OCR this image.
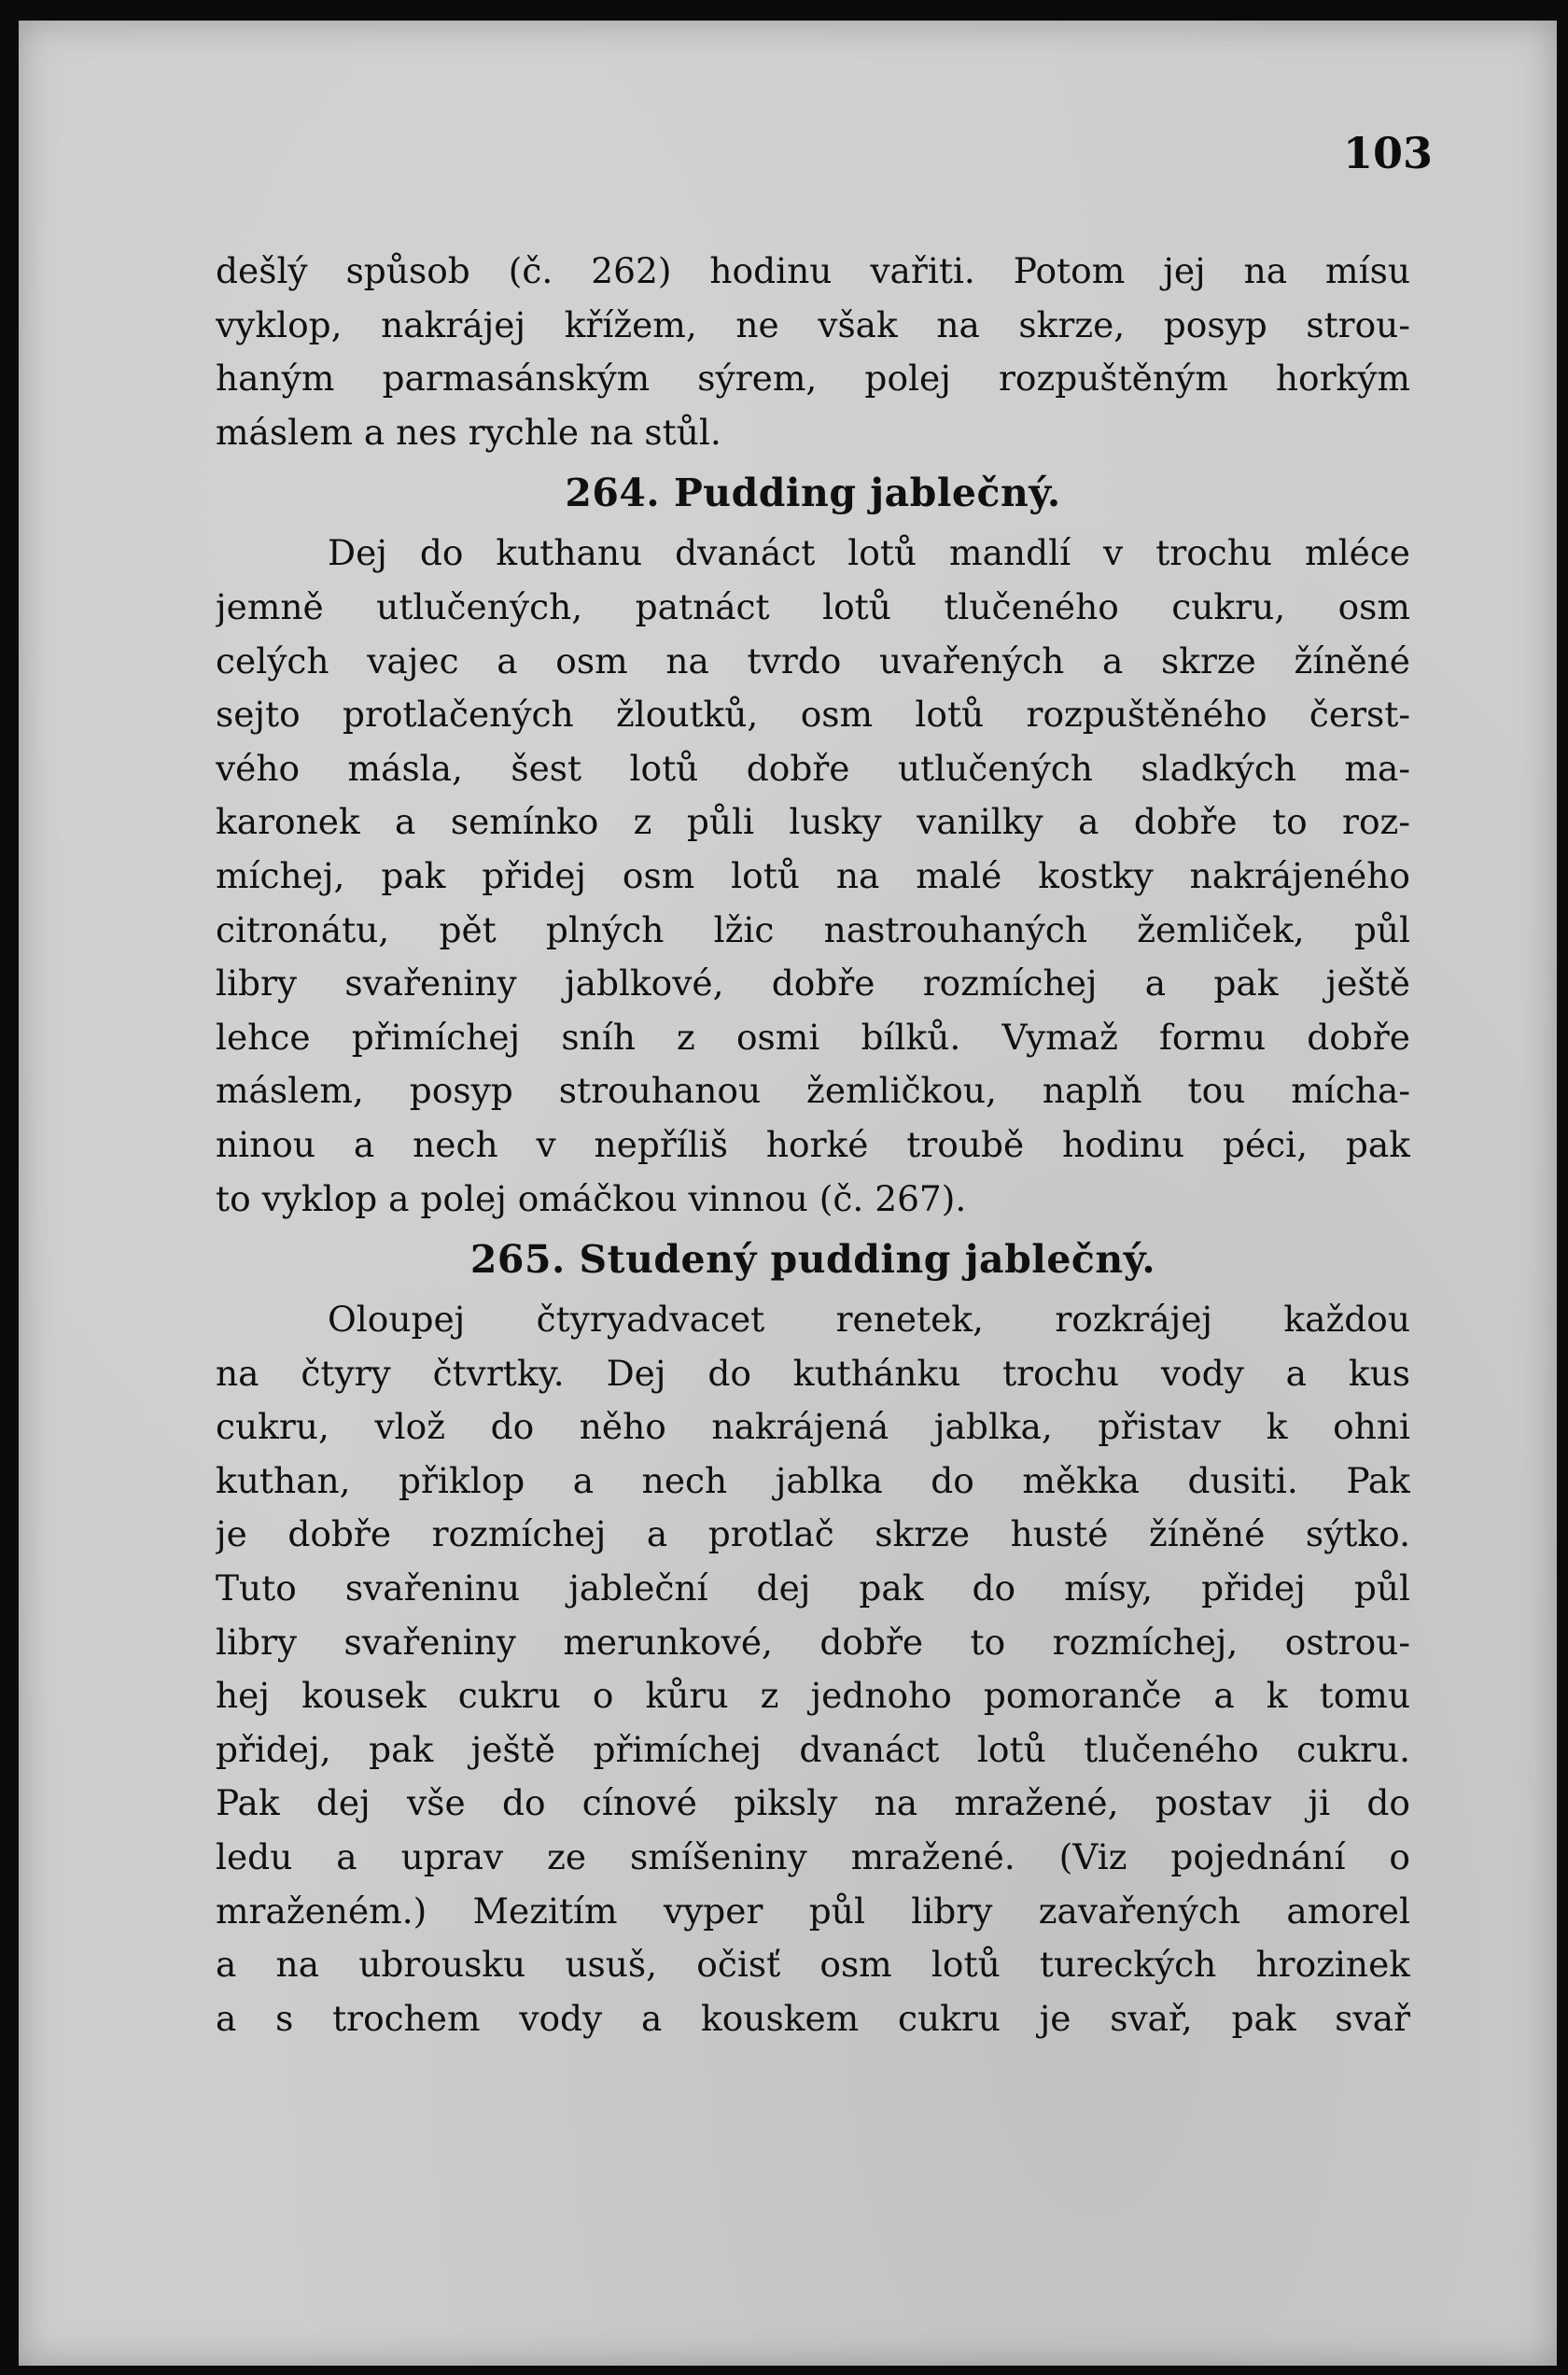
103
dešlý spůsob (č. 262) hodinu vařiti. Potom jej na mísu
vyklop, nakrájej křížem, ne však na skrze, posyp strou-
haným parmasánským sýrem, polej rozpuštěným horkým
máslem a nes rychle na stůl.
264. Pudding jablečný.
Dej do kuthanu dvanáct lotů mandlí v trochu mléce
jemně utlučených, patnáct lotů tlučeného cukru, osm
celých vajec a osm na tvrdo uvařených a skrze žíněné
sejto protlačených žloutků, osm lotů rozpuštěného čerst-
vého másla, šest lotů dobře utlučených sladkých ma-
karonek a semínko z půli lusky vanilky a dobře to roz-
míchej, pak přidej osm lotů na malé kostky nakrájeného
citronátu, pět plných lžic nastrouhaných žemliček, půl
libry svařeniny jablkové, dobře rozmíchej a pak ještě
lehce přimíchej sníh z osmi bílků. Vymaž formu dobře
máslem, posyp strouhanou žemličkou, naplň tou mícha-
ninou a nech v nepříliš horké troubě hodinu péci, pak
to vyklop a polej omáčkou vinnou (č. 267).
265. Studený pudding jablečný.
Oloupej čtyryadvacet renetek, rozkrájej každou
na čtyry čtvrtky. Dej do kuthánku trochu vody a kus
cukru, vlož do něho nakrájená jablka, přistav k ohni
kuthan, přiklop a nech jablka do měkka dusiti. Pak
je dobře rozmíchej a protlač skrze husté žíněné sýtko.
Tuto svařeninu jableční dej pak do mísy, přidej půl
libry svařeniny merunkové, dobře to rozmíchej, ostrou-
hej kousek cukru o kůru z jednoho pomoranče a k tomu
přidej, pak ještě přimíchej dvanáct lotů tlučeného cukru.
Pak dej vše do cínové piksly na mražené, postav ji do
ledu a uprav ze smíšeniny mražené. (Viz pojednání o
mraženém.) Mezitím vyper půl libry zavařených amorel
a na ubrousku usuš, očisť osm lotů tureckých hrozinek
a s trochem vody a kouskem cukru je svař, pak svař
